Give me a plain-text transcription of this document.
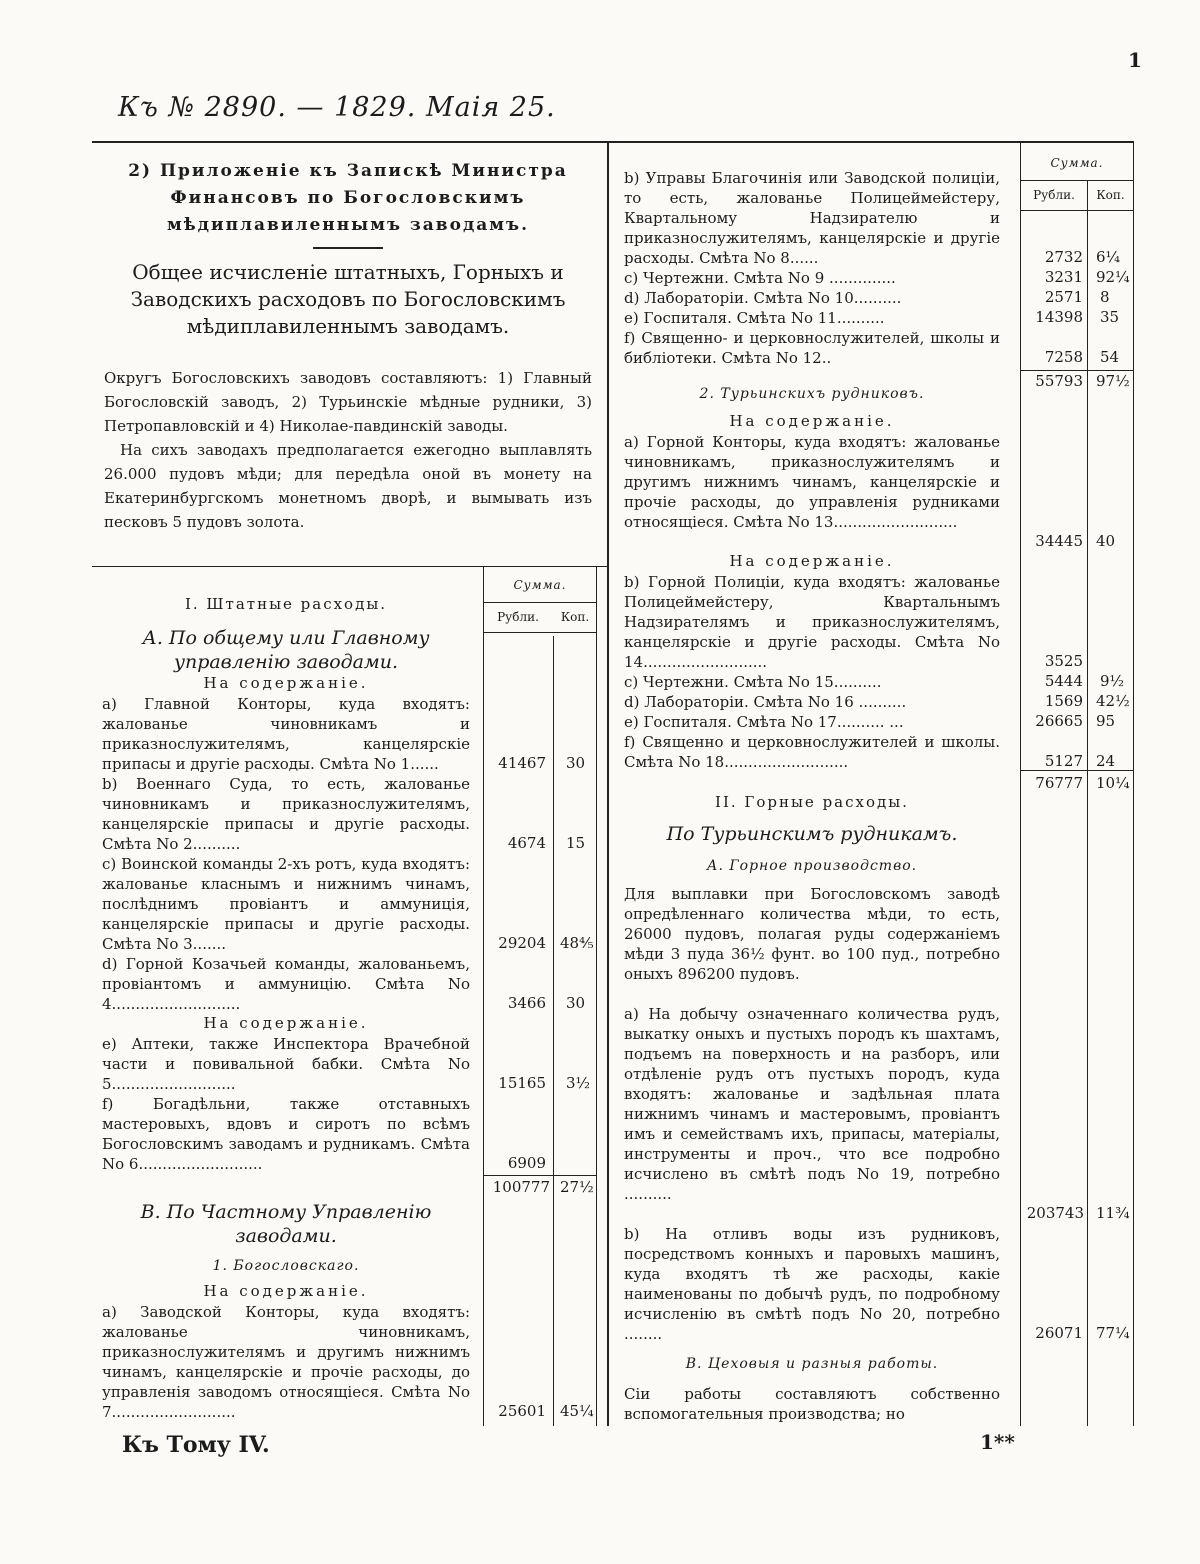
1
Къ № 2890. — 1829. Маія 25.
Къ Тому IV.	1**
2) Приложеніе къ Запискѣ Министра Финансовъ по Богословскимъ мѣдиплавиленнымъ заводамъ.
Общее исчисленіе штатныхъ, Горныхъ и Заводскихъ расходовъ по Богословскимъ мѣдиплавиленнымъ заводамъ.

Округъ Богословскихъ заводовъ составляютъ: 1) Главный Богословскій заводъ, 2) Турьинскіе мѣдные рудники, 3) Петропавловскій и 4) Николае-павдинскій заводы.

На сихъ заводахъ предполагается ежегодно выплавлять 26.000 пудовъ мѣди; для передѣла оной въ монету на Екатеринбургскомъ монетномъ дворѣ, и вымывать изъ песковъ 5 пудовъ золота.

Сумма.
Рубли.	Коп.
I. Штатные расходы.
А. По общему или Главному управленію заводами.
На содержаніе.
a) Главной Конторы, куда входятъ: жалованье чиновникамъ и приказнослужителямъ, канцелярскіе припасы и другіе расходы. Смѣта No 1......	41467 30
b) Военнаго Суда, то есть, жалованье чиновникамъ и приказнослужителямъ, канцелярскіе припасы и другіе расходы. Смѣта No 2..........	4674 15
c) Воинской команды 2-хъ ротъ, куда входятъ: жалованье класнымъ и нижнимъ чинамъ, послѣднимъ провіантъ и аммуниція, канцелярскіе припасы и другіе расходы. Смѣта No 3.......	29204 48⅘
d) Горной Козачьей команды, жалованьемъ, провіантомъ и аммуницію. Смѣта No 4...........................	3466 30
На содержаніе.
e) Аптеки, также Инспектора Врачебной части и повивальной бабки. Смѣта No 5..........................	15165 3½
f) Богадѣльни, также отставныхъ мастеровыхъ, вдовъ и сиротъ по всѣмъ Богословскимъ заводамъ и рудникамъ. Смѣта No 6..........................	6909
100777 27½
В. По Частному Управленію заводами.
1. Богословскаго.
На содержаніе.
a) Заводской Конторы, куда входятъ: жалованье чиновникамъ, приказнослужителямъ и другимъ нижнимъ чинамъ, канцелярскіе и прочіе расходы, до управленія заводомъ относящіеся. Смѣта No 7..........................	25601 45¼
Сумма.
Рубли.	Коп.
b) Управы Благочинія или Заводской полиціи, то есть, жалованье Полицеймейстеру, Квартальному Надзирателю и приказнослужителямъ, канцелярскіе и другіе расходы. Смѣта No 8......	2732 6¼
c) Чертежни. Смѣта No 9 ..............	3231 92¼
d) Лабораторіи. Смѣта No 10..........	2571 8
e) Госпиталя. Смѣта No 11..........	14398 35
f) Священно- и церковнослужителей, школы и библіотеки. Смѣта No 12..	7258 54
55793 97½
2. Турьинскихъ рудниковъ.
На содержаніе.
a) Горной Конторы, куда входятъ: жалованье чиновникамъ, приказнослужителямъ и другимъ нижнимъ чинамъ, канцелярскіе и прочіе расходы, до управленія рудниками относящіеся. Смѣта No 13..........................
34445 40
На содержаніе.
b) Горной Полиціи, куда входятъ: жалованье Полицеймейстеру, Квартальнымъ Надзирателямъ и приказнослужителямъ, канцелярскіе и другіе расходы. Смѣта No 14..........................	3525
c) Чертежни. Смѣта No 15..........	5444 9½
d) Лабораторіи. Смѣта No 16 ..........	1569 42½
e) Госпиталя. Смѣта No 17.......... ...	26665 95
f) Священно и церковнослужителей и школы. Смѣта No 18..........................	5127 24
76777 10¼
II. Горные расходы.
По Турьинскимъ рудникамъ.
А. Горное производство.
Для выплавки при Богословскомъ заводѣ опредѣленнаго количества мѣди, то есть, 26000 пудовъ, полагая руды содержаніемъ мѣди 3 пуда 36½ фунт. во 100 пуд., потребно оныхъ 896200 пудовъ.
a) На добычу означеннаго количества рудъ, выкатку оныхъ и пустыхъ породъ къ шахтамъ, подъемъ на поверхность и на разборъ, или отдѣленіе рудъ отъ пустыхъ породъ, куда входятъ: жалованье и задѣльная плата нижнимъ чинамъ и мастеровымъ, провіантъ имъ и семействамъ ихъ, припасы, матеріалы, инструменты и проч., что все подробно исчислено въ смѣтѣ подъ No 19, потребно ..........
203743 11¾
b) На отливъ воды изъ рудниковъ, посредствомъ конныхъ и паровыхъ машинъ, куда входятъ тѣ же расходы, какіе наименованы по добычѣ рудъ, по подробному исчисленію въ смѣтѣ подъ No 20, потребно ........	26071 77¼
В. Цеховыя и разныя работы.
Сіи работы составляютъ собственно вспомогательныя производства; но
